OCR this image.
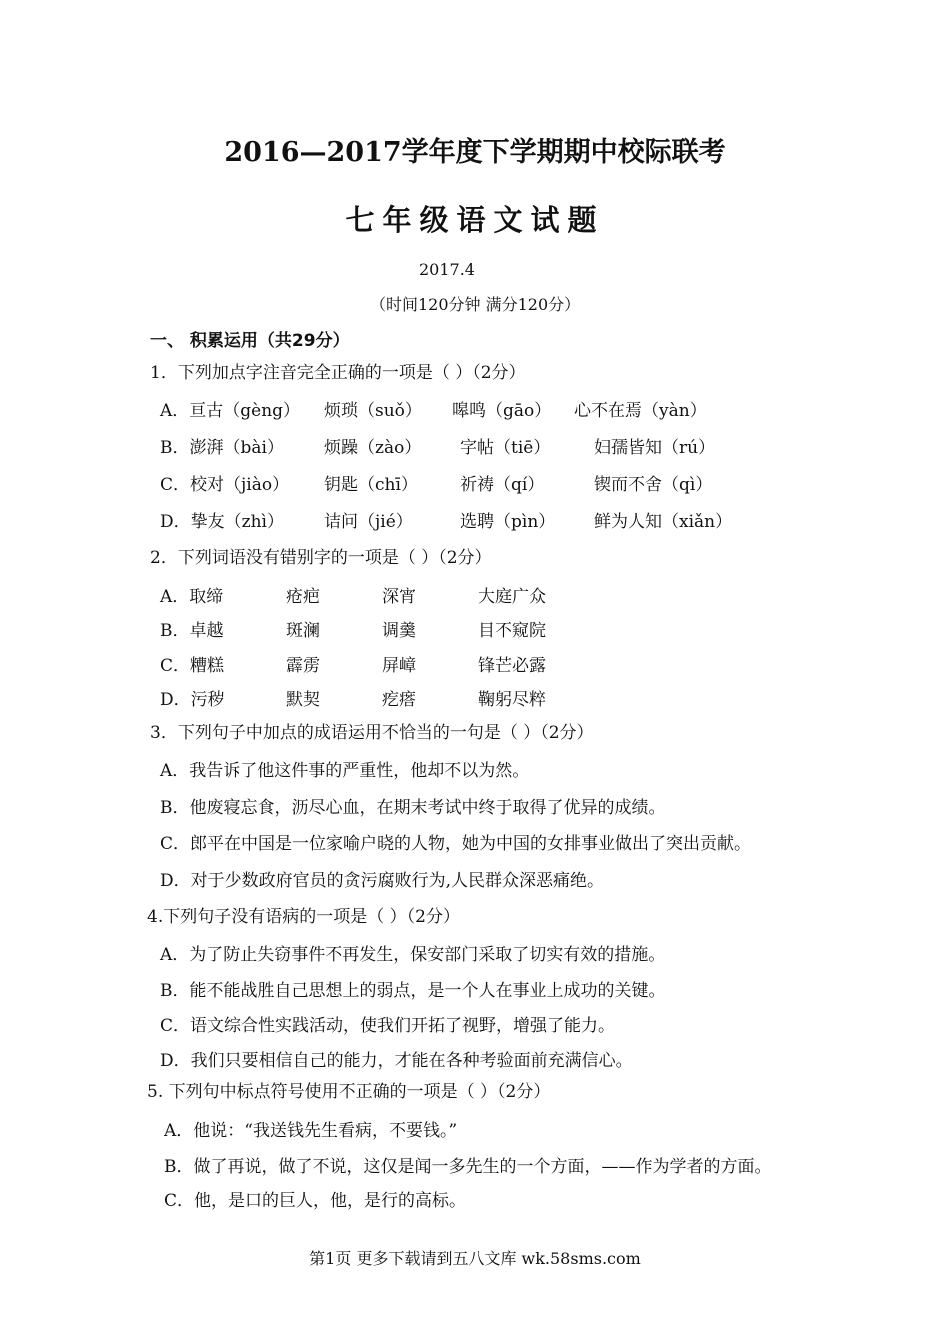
2016—2017学年度下学期期中校际联考
七年级语文试题
2017.4
（时间120分钟 满分120分）
一、 积累运用（共29分）
1．下列加点字注音完全正确的一项是（ ）（2分）
A．亘古（gèng） 烦琐（suǒ） 嗥鸣（gāo） 心不在焉（yàn）
B．澎湃（bài） 烦躁（zào） 字帖（tiē）	妇孺皆知（rú）
C．校对（jiào） 钥匙（chī） 祈祷（qí）	锲而不舍（qì）
D．挚友（zhì） 诘问（jié）	选聘（pìn） 鲜为人知（xiǎn）
2．下列词语没有错别字的一项是（ ）（2分）
A．取缔	疮疤	深宵	大庭广众
B．卓越	斑澜	调羹	目不窥院
C．糟糕	霹雳	屏嶂	锋芒必露
D．污秽	默契	疙瘩	鞠躬尽粹
3．下列句子中加点的成语运用不恰当的一句是（ ）（2分）
A．我告诉了他这件事的严重性，他却不以为然。
B．他废寝忘食，沥尽心血，在期末考试中终于取得了优异的成绩。
C．郎平在中国是一位家喻户晓的人物，她为中国的女排事业做出了突出贡献。
D．对于少数政府官员的贪污腐败行为,人民群众深恶痛绝。
4.下列句子没有语病的一项是（ ）（2分）
A．为了防止失窃事件不再发生，保安部门采取了切实有效的措施。
B．能不能战胜自己思想上的弱点，是一个人在事业上成功的关键。
C．语文综合性实践活动，使我们开拓了视野，增强了能力。
D．我们只要相信自己的能力，才能在各种考验面前充满信心。
5. 下列句中标点符号使用不正确的一项是（ ）（2分）
A．他说：“我送钱先生看病，不要钱。”
B．做了再说，做了不说，这仅是闻一多先生的一个方面，——作为学者的方面。
C．他，是口的巨人，他，是行的高标。
第1页 更多下载请到五八文库 wk.58sms.com
